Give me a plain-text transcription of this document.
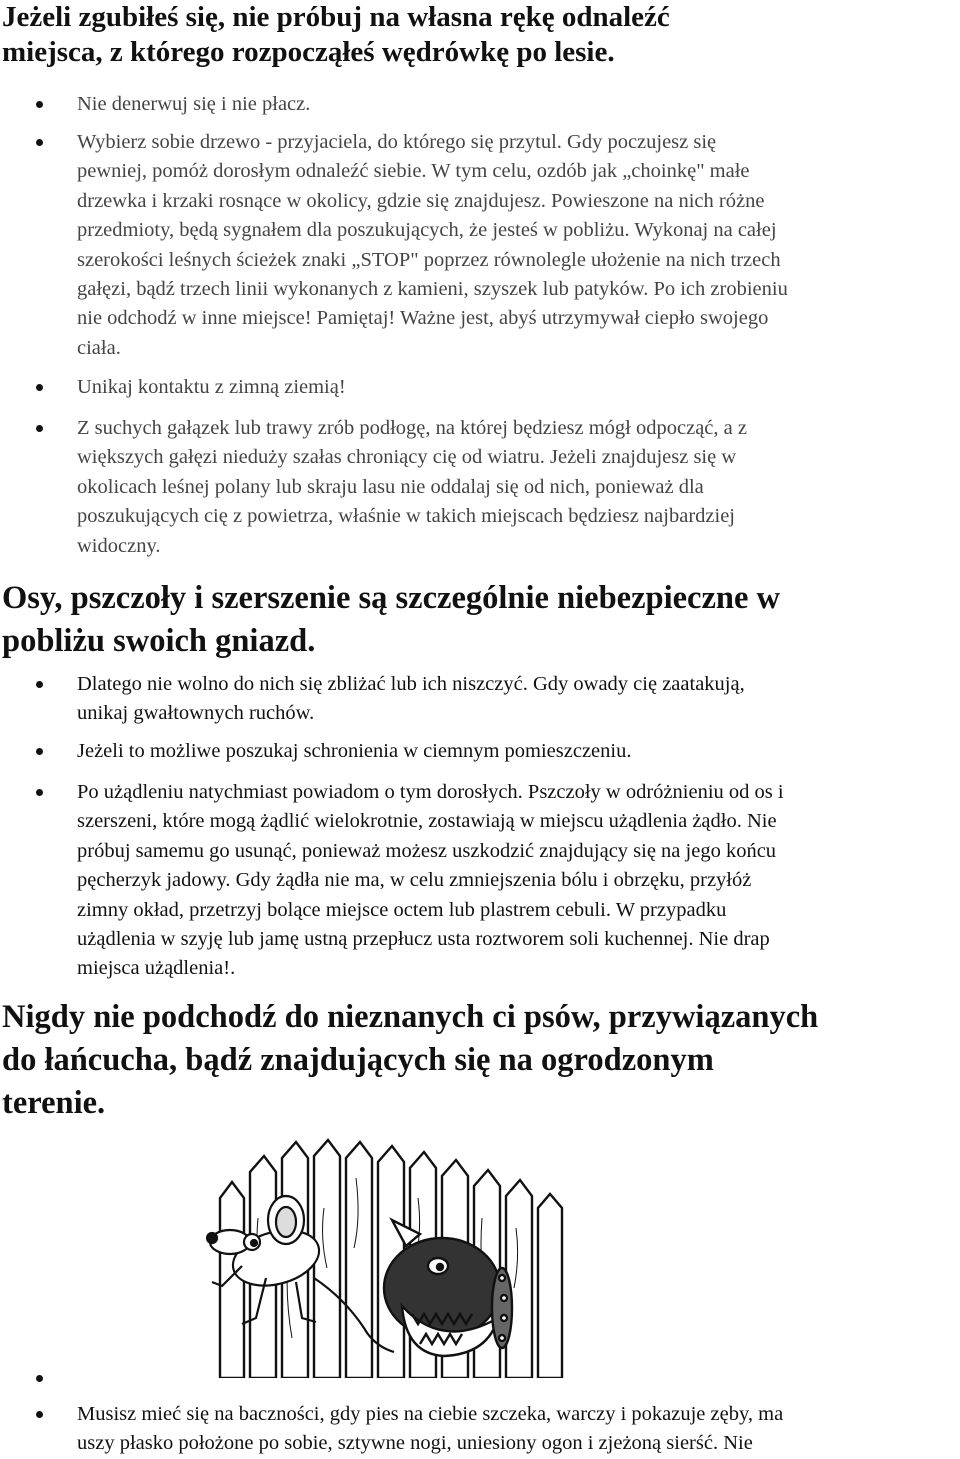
Jeżeli zgubiłeś się, nie próbuj na własna rękę odnaleźć
miejsca, z którego rozpocząłeś wędrówkę po lesie.
Nie denerwuj się i nie płacz.
Wybierz sobie drzewo - przyjaciela, do którego się przytul. Gdy poczujesz się
pewniej, pomóż dorosłym odnaleźć siebie. W tym celu, ozdób jak „choinkę" małe
drzewka i krzaki rosnące w okolicy, gdzie się znajdujesz. Powieszone na nich różne
przedmioty, będą sygnałem dla poszukujących, że jesteś w pobliżu. Wykonaj na całej
szerokości leśnych ścieżek znaki „STOP" poprzez równolegle ułożenie na nich trzech
gałęzi, bądź trzech linii wykonanych z kamieni, szyszek lub patyków. Po ich zrobieniu
nie odchodź w inne miejsce! Pamiętaj! Ważne jest, abyś utrzymywał ciepło swojego
ciała.
Unikaj kontaktu z zimną ziemią!
Z suchych gałązek lub trawy zrób podłogę, na której będziesz mógł odpocząć, a z
większych gałęzi nieduży szałas chroniący cię od wiatru. Jeżeli znajdujesz się w
okolicach leśnej polany lub skraju lasu nie oddalaj się od nich, ponieważ dla
poszukujących cię z powietrza, właśnie w takich miejscach będziesz najbardziej
widoczny.
Osy, pszczoły i szerszenie są szczególnie niebezpieczne w
pobliżu swoich gniazd.
Dlatego nie wolno do nich się zbliżać lub ich niszczyć. Gdy owady cię zaatakują,
unikaj gwałtownych ruchów.
Jeżeli to możliwe poszukaj schronienia w ciemnym pomieszczeniu.
Po użądleniu natychmiast powiadom o tym dorosłych. Pszczoły w odróżnieniu od os i
szerszeni, które mogą żądlić wielokrotnie, zostawiają w miejscu użądlenia żądło. Nie
próbuj samemu go usunąć, ponieważ możesz uszkodzić znajdujący się na jego końcu
pęcherzyk jadowy. Gdy żądła nie ma, w celu zmniejszenia bólu i obrzęku, przyłóż
zimny okład, przetrzyj bolące miejsce octem lub plastrem cebuli. W przypadku
użądlenia w szyję lub jamę ustną przepłucz usta roztworem soli kuchennej. Nie drap
miejsca użądlenia!.
Nigdy nie podchodź do nieznanych ci psów, przywiązanych
do łańcucha, bądź znajdujących się na ogrodzonym
terenie.
Musisz mieć się na baczności, gdy pies na ciebie szczeka, warczy i pokazuje zęby, ma
uszy płasko położone po sobie, sztywne nogi, uniesiony ogon i zjeżoną sierść. Nie
